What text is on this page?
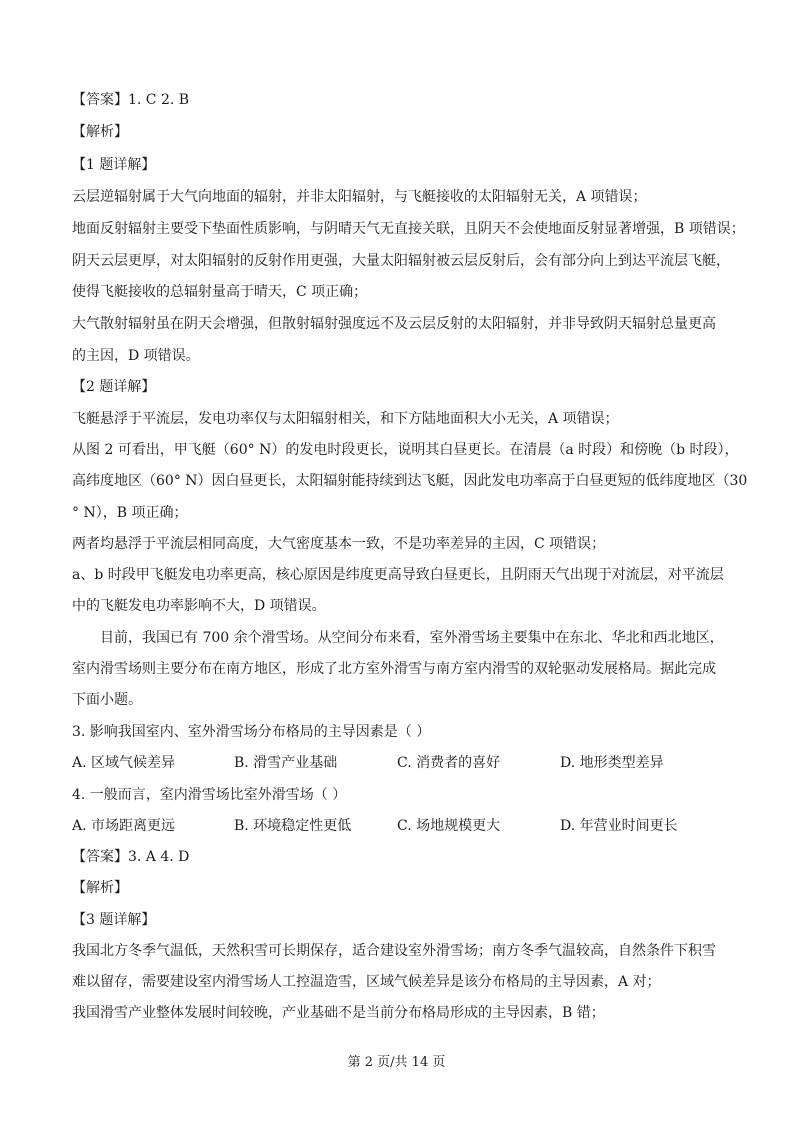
【答案】1. C 2. B
【解析】
【1 题详解】
云层逆辐射属于大气向地面的辐射，并非太阳辐射，与飞艇接收的太阳辐射无关，A 项错误；
地面反射辐射主要受下垫面性质影响，与阴晴天气无直接关联，且阴天不会使地面反射显著增强，B 项错误；
阴天云层更厚，对太阳辐射的反射作用更强，大量太阳辐射被云层反射后，会有部分向上到达平流层飞艇，
使得飞艇接收的总辐射量高于晴天，C 项正确；
大气散射辐射虽在阴天会增强，但散射辐射强度远不及云层反射的太阳辐射，并非导致阴天辐射总量更高
的主因，D 项错误。
【2 题详解】
飞艇悬浮于平流层，发电功率仅与太阳辐射相关，和下方陆地面积大小无关，A 项错误；
从图 2 可看出，甲飞艇（60° N）的发电时段更长，说明其白昼更长。在清晨（a 时段）和傍晚（b 时段），
高纬度地区（60° N）因白昼更长，太阳辐射能持续到达飞艇，因此发电功率高于白昼更短的低纬度地区（30
° N），B 项正确；
两者均悬浮于平流层相同高度，大气密度基本一致，不是功率差异的主因，C 项错误；
a、b 时段甲飞艇发电功率更高，核心原因是纬度更高导致白昼更长，且阴雨天气出现于对流层，对平流层
中的飞艇发电功率影响不大，D 项错误。
目前，我国已有 700 余个滑雪场。从空间分布来看，室外滑雪场主要集中在东北、华北和西北地区，
室内滑雪场则主要分布在南方地区，形成了北方室外滑雪与南方室内滑雪的双轮驱动发展格局。据此完成
下面小题。
3. 影响我国室内、室外滑雪场分布格局的主导因素是（ ）
A. 区域气候差异	B. 滑雪产业基础	C. 消费者的喜好	D. 地形类型差异
4. 一般而言，室内滑雪场比室外滑雪场（ ）
A. 市场距离更远	B. 环境稳定性更低	C. 场地规模更大	D. 年营业时间更长
【答案】3. A 4. D
【解析】
【3 题详解】
我国北方冬季气温低，天然积雪可长期保存，适合建设室外滑雪场；南方冬季气温较高，自然条件下积雪
难以留存，需要建设室内滑雪场人工控温造雪，区域气候差异是该分布格局的主导因素，A 对；
我国滑雪产业整体发展时间较晚，产业基础不是当前分布格局形成的主导因素，B 错；
第 2 页/共 14 页
